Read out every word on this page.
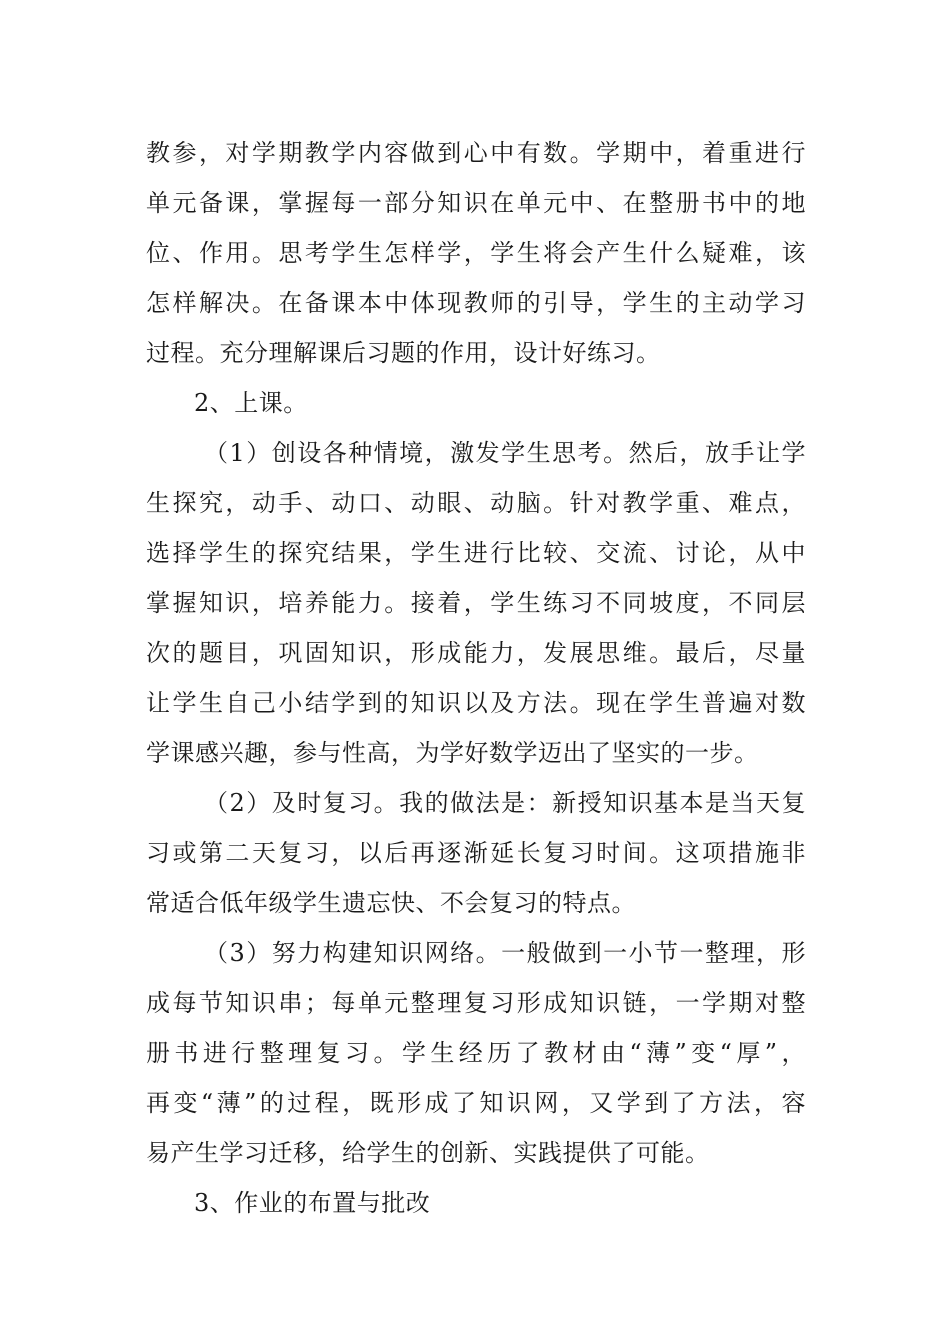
教参，对学期教学内容做到心中有数。学期中，着重进行
单元备课，掌握每一部分知识在单元中、在整册书中的地
位、作用。思考学生怎样学，学生将会产生什么疑难，该
怎样解决。在备课本中体现教师的引导，学生的主动学习
过程。充分理解课后习题的作用，设计好练习。
2、上课。
（1）创设各种情境，激发学生思考。然后，放手让学
生探究，动手、动口、动眼、动脑。针对教学重、难点，
选择学生的探究结果，学生进行比较、交流、讨论，从中
掌握知识，培养能力。接着，学生练习不同坡度，不同层
次的题目，巩固知识，形成能力，发展思维。最后，尽量
让学生自己小结学到的知识以及方法。现在学生普遍对数
学课感兴趣，参与性高，为学好数学迈出了坚实的一步。
（2）及时复习。我的做法是：新授知识基本是当天复
习或第二天复习，以后再逐渐延长复习时间。这项措施非
常适合低年级学生遗忘快、不会复习的特点。
（3）努力构建知识网络。一般做到一小节一整理，形
成每节知识串；每单元整理复习形成知识链，一学期对整
册书进行整理复习。学生经历了教材由“薄”变“厚”，
再变“薄”的过程，既形成了知识网，又学到了方法，容
易产生学习迁移，给学生的创新、实践提供了可能。
3、作业的布置与批改
